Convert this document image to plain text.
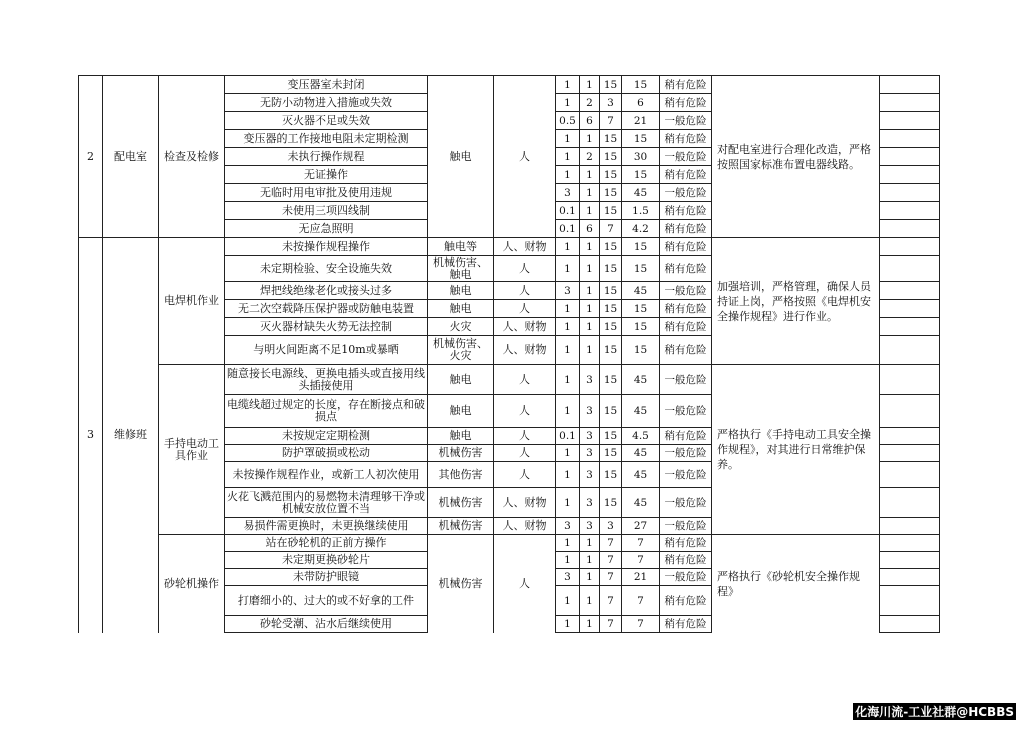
2	配电室	检查及检修	变压器室未封闭	触电	人	1	1	15	15	稍有危险	对配电室进行合理化改造，严格按照国家标准布置电器线路。	
			无防小动物进入措施或失效			1	2	3	6	稍有危险		
			灭火器不足或失效			0.5	6	7	21	一般危险		
			变压器的工作接地电阻未定期检测			1	1	15	15	稍有危险		
			未执行操作规程			1	2	15	30	一般危险		
			无证操作			1	1	15	15	稍有危险		
			无临时用电审批及使用违规			3	1	15	45	一般危险		
			未使用三项四线制			0.1	1	15	1.5	稍有危险		
			无应急照明			0.1	6	7	4.2	稍有危险		
3	维修班	电焊机作业	未按操作规程操作	触电等	人、财物	1	1	15	15	稍有危险	加强培训，严格管理，确保人员持证上岗，严格按照《电焊机安全操作规程》进行作业。	
			未定期检验、安全设施失效	机械伤害、触电	人	1	1	15	15	稍有危险		
			焊把线绝缘老化或接头过多	触电	人	3	1	15	45	一般危险		
			无二次空载降压保护器或防触电装置	触电	人	1	1	15	15	稍有危险		
			灭火器材缺失火势无法控制	火灾	人、财物	1	1	15	15	稍有危险		
			与明火间距离不足10m或暴晒	机械伤害、火灾	人、财物	1	1	15	15	稍有危险		
		手持电动工具作业	随意接长电源线、更换电插头或直接用线头插接使用	触电	人	1	3	15	45	一般危险	严格执行《手持电动工具安全操作规程》，对其进行日常维护保养。	
			电缆线超过规定的长度，存在断接点和破损点	触电	人	1	3	15	45	一般危险		
			未按规定定期检测	触电	人	0.1	3	15	4.5	稍有危险		
			防护罩破损或松动	机械伤害	人	1	3	15	45	一般危险		
			未按操作规程作业，或新工人初次使用	其他伤害	人	1	3	15	45	一般危险		
			火花飞溅范围内的易燃物未清理够干净或机械安放位置不当	机械伤害	人、财物	1	3	15	45	一般危险		
			易损件需更换时，未更换继续使用	机械伤害	人、财物	3	3	3	27	一般危险		
		砂轮机操作	站在砂轮机的正前方操作	机械伤害	人	1	1	7	7	稍有危险	严格执行《砂轮机安全操作规程》	
			未定期更换砂轮片			1	1	7	7	稍有危险		
			未带防护眼镜			3	1	7	21	一般危险		
			打磨细小的、过大的或不好拿的工件			1	1	7	7	稍有危险		
			砂轮受潮、沾水后继续使用			1	1	7	7	稍有危险		
化海川流-工业社群@HCBBS
